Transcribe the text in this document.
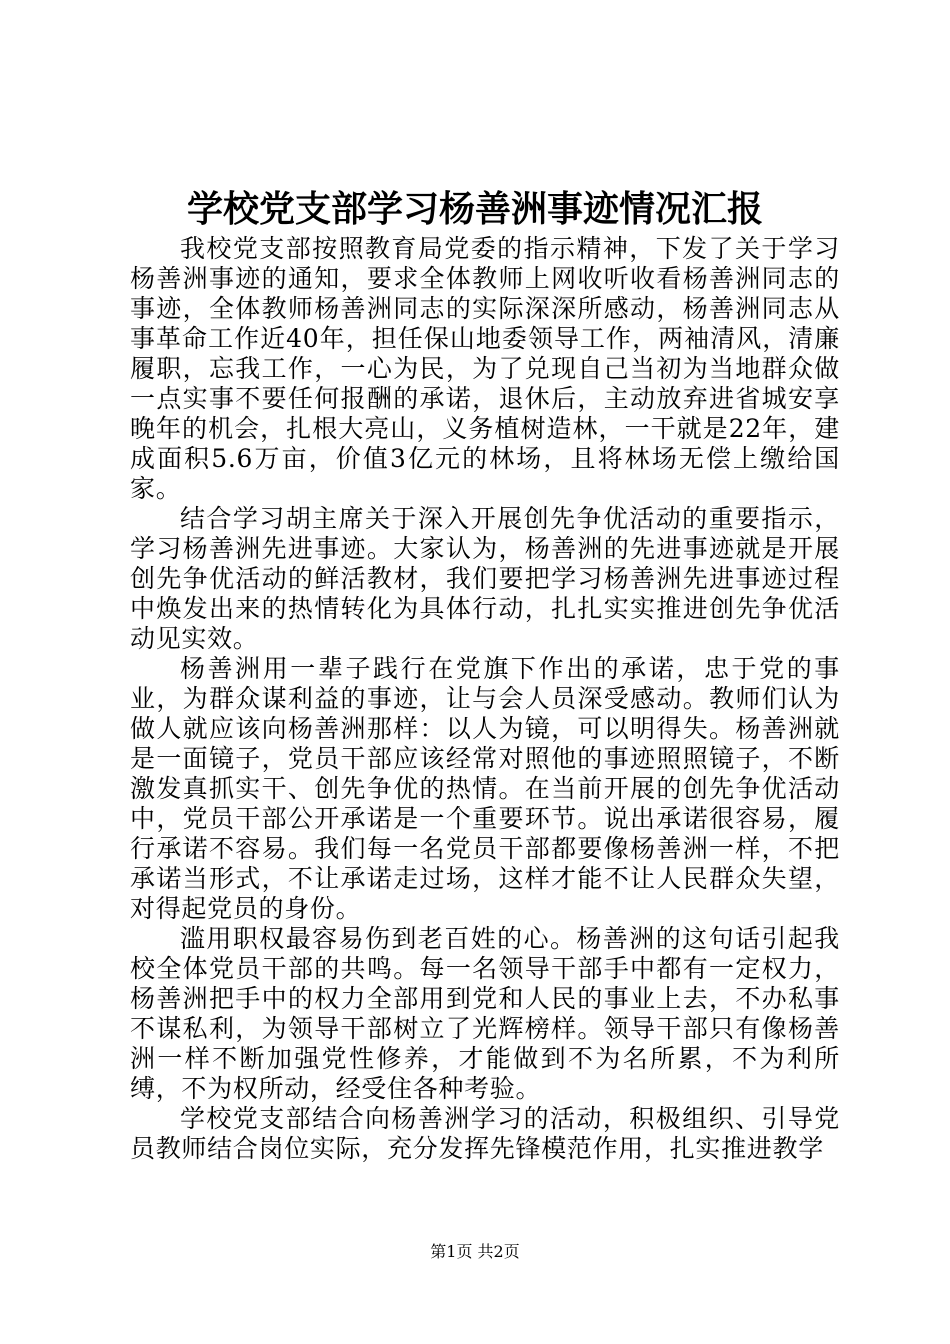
学校党支部学习杨善洲事迹情况汇报

我校党支部按照教育局党委的指示精神，下发了关于学习杨善洲事迹的通知，要求全体教师上网收听收看杨善洲同志的事迹，全体教师杨善洲同志的实际深深所感动，杨善洲同志从事革命工作近40年，担任保山地委领导工作，两袖清风，清廉履职，忘我工作，一心为民，为了兑现自己当初为当地群众做一点实事不要任何报酬的承诺，退休后，主动放弃进省城安享晚年的机会，扎根大亮山，义务植树造林，一干就是22年，建成面积5.6万亩，价值3亿元的林场，且将林场无偿上缴给国家。

结合学习胡主席关于深入开展创先争优活动的重要指示，学习杨善洲先进事迹。大家认为，杨善洲的先进事迹就是开展创先争优活动的鲜活教材，我们要把学习杨善洲先进事迹过程中焕发出来的热情转化为具体行动，扎扎实实推进创先争优活动见实效。

杨善洲用一辈子践行在党旗下作出的承诺，忠于党的事业，为群众谋利益的事迹，让与会人员深受感动。教师们认为做人就应该向杨善洲那样：以人为镜，可以明得失。杨善洲就是一面镜子，党员干部应该经常对照他的事迹照照镜子，不断激发真抓实干、创先争优的热情。在当前开展的创先争优活动中，党员干部公开承诺是一个重要环节。说出承诺很容易，履行承诺不容易。我们每一名党员干部都要像杨善洲一样，不把承诺当形式，不让承诺走过场，这样才能不让人民群众失望，对得起党员的身份。

滥用职权最容易伤到老百姓的心。杨善洲的这句话引起我校全体党员干部的共鸣。每一名领导干部手中都有一定权力，杨善洲把手中的权力全部用到党和人民的事业上去，不办私事不谋私利，为领导干部树立了光辉榜样。领导干部只有像杨善洲一样不断加强党性修养，才能做到不为名所累，不为利所缚，不为权所动，经受住各种考验。

学校党支部结合向杨善洲学习的活动，积极组织、引导党员教师结合岗位实际，充分发挥先锋模范作用，扎实推进教学

第1页 共2页
